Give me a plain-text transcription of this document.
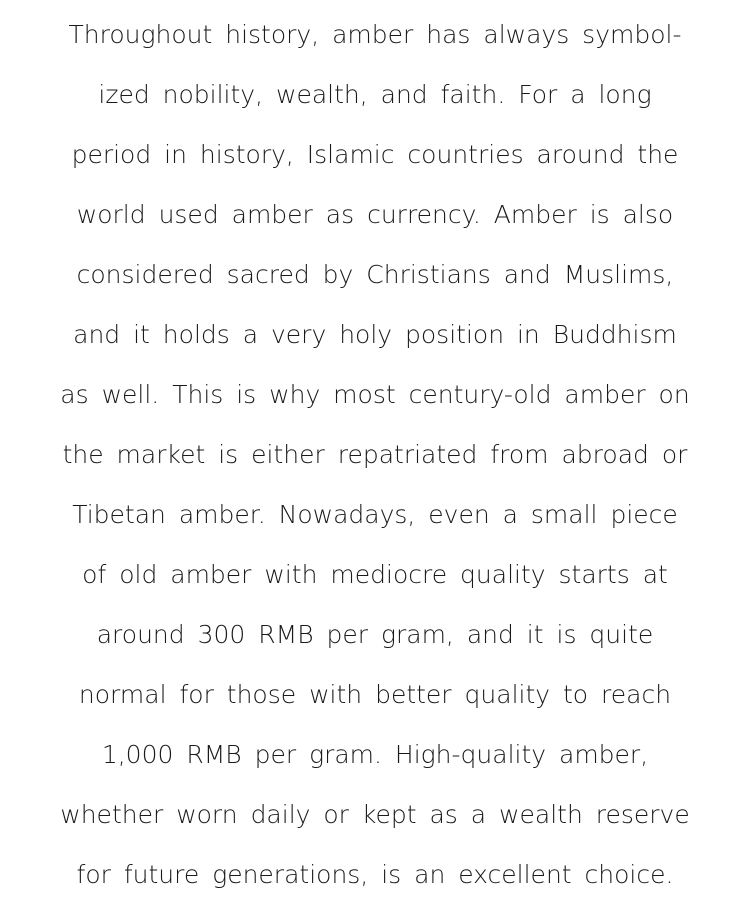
Throughout history, amber has always symbol-
ized nobility, wealth, and faith. For a long
period in history, Islamic countries around the
world used amber as currency. Amber is also
considered sacred by Christians and Muslims,
and it holds a very holy position in Buddhism
as well. This is why most century-old amber on
the market is either repatriated from abroad or
Tibetan amber. Nowadays, even a small piece
of old amber with mediocre quality starts at
around 300 RMB per gram, and it is quite
normal for those with better quality to reach
1,000 RMB per gram. High-quality amber,
whether worn daily or kept as a wealth reserve
for future generations, is an excellent choice.
